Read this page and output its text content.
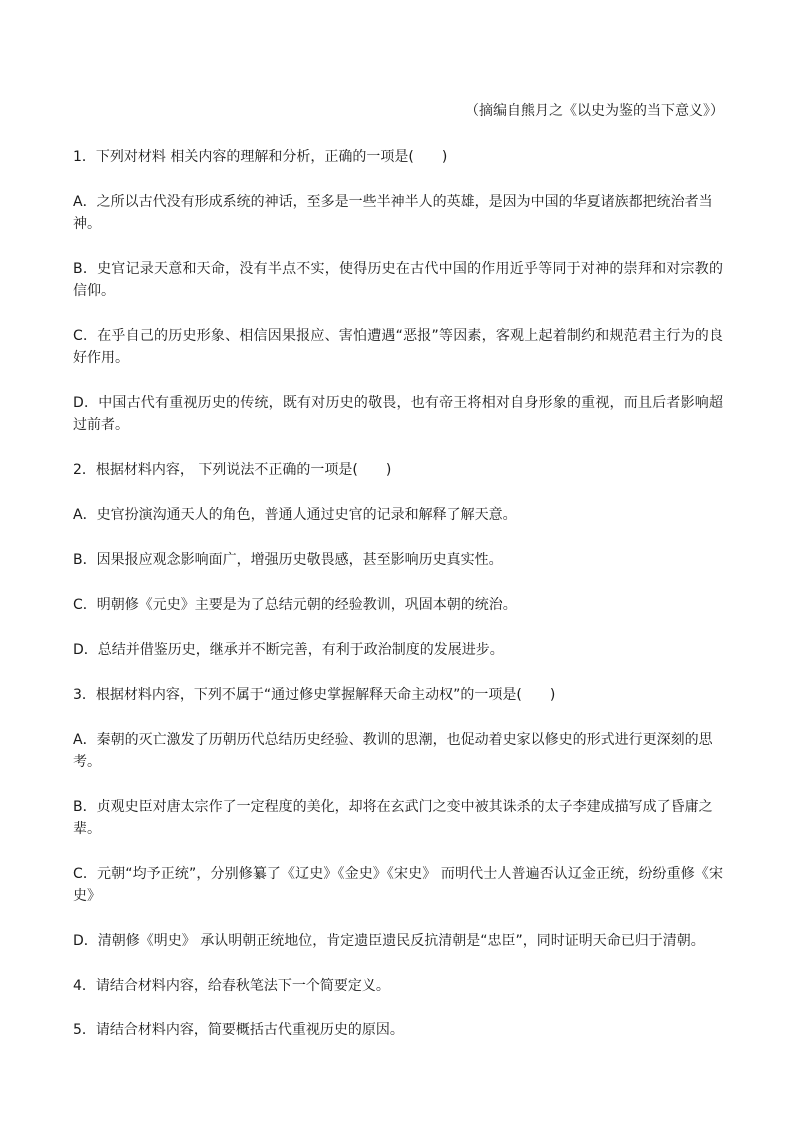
（摘编自熊月之《以史为鉴的当下意义》）
1．下列对材料 相关内容的理解和分析，正确的一项是(　　)
A．之所以古代没有形成系统的神话，至多是一些半神半人的英雄，是因为中国的华夏诸族都把统治者当神。
B．史官记录天意和天命，没有半点不实，使得历史在古代中国的作用近乎等同于对神的崇拜和对宗教的信仰。
C．在乎自己的历史形象、相信因果报应、害怕遭遇“恶报”等因素，客观上起着制约和规范君主行为的良好作用。
D．中国古代有重视历史的传统，既有对历史的敬畏，也有帝王将相对自身形象的重视，而且后者影响超过前者。
2．根据材料内容， 下列说法不正确的一项是(　　)
A．史官扮演沟通天人的角色，普通人通过史官的记录和解释了解天意。
B．因果报应观念影响面广，增强历史敬畏感，甚至影响历史真实性。
C．明朝修《元史》主要是为了总结元朝的经验教训，巩固本朝的统治。
D．总结并借鉴历史，继承并不断完善，有利于政治制度的发展进步。
3．根据材料内容，下列不属于“通过修史掌握解释天命主动权”的一项是(　　)
A．秦朝的灭亡激发了历朝历代总结历史经验、教训的思潮，也促动着史家以修史的形式进行更深刻的思考。
B．贞观史臣对唐太宗作了一定程度的美化，却将在玄武门之变中被其诛杀的太子李建成描写成了昏庸之辈。
C．元朝“均予正统”，分别修纂了《辽史》《金史》《宋史》 而明代士人普遍否认辽金正统，纷纷重修《宋史》
D．清朝修《明史》 承认明朝正统地位，肯定遗臣遗民反抗清朝是“忠臣”，同时证明天命已归于清朝。
4．请结合材料内容，给春秋笔法下一个简要定义。
5．请结合材料内容，简要概括古代重视历史的原因。
